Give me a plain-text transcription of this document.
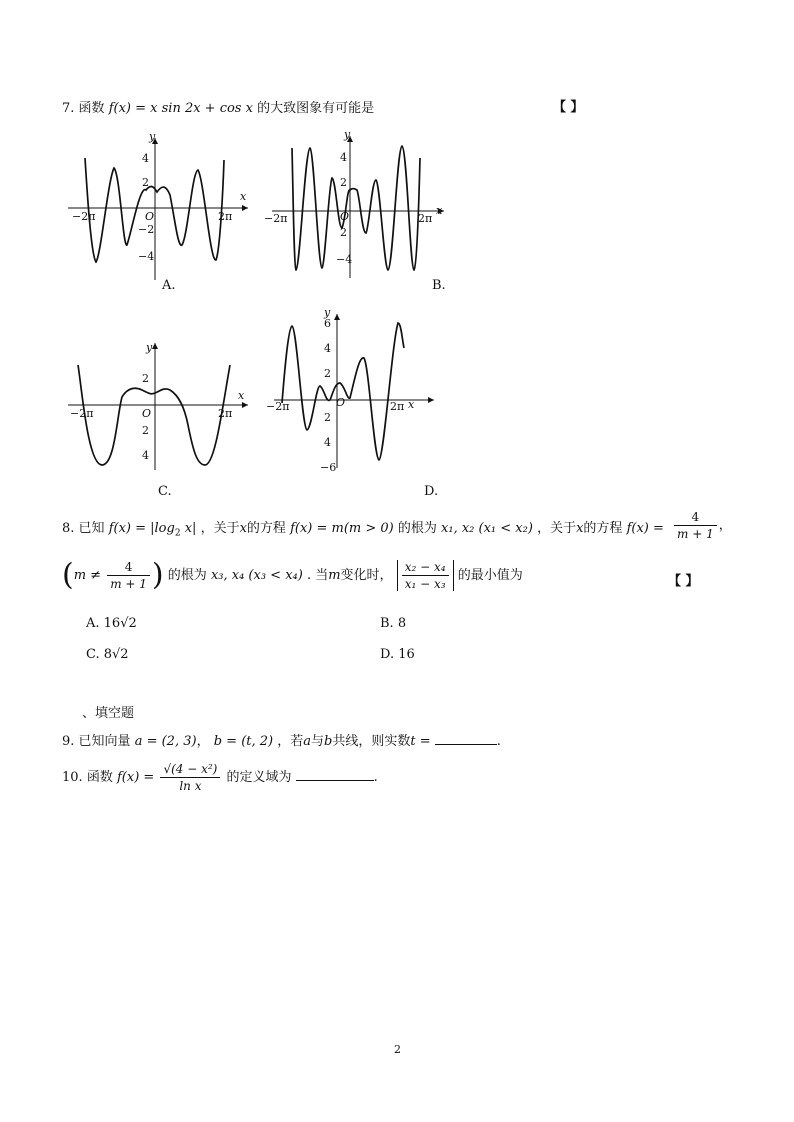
7. 函数 f(x) = x sin 2x + cos x 的大致图象有可能是	【 】
y
x
O
−2π	2π
4
2
−2
−4
A.
y
x
O
−2π	2π
4
2
2
−4
B.
y
x
O
−2π	2π
2
2
4
C.
y
x
O
−2π	2π
6
4
2
2
4
−6
D.
8. 已知 $f(x) = |\log_2$ x| ，关于x的方程 f(x) = m(m > 0) 的根为 x₁, x₂ (x₁ < x₂) ，关于x的方程 $f(x) = \frac{4}{m + 1}$ ，
($m \ne \frac{4}{m + 1}$ ) 的根为 x₃, x₄ (x₃ < x₄) . 当m变化时， $\frac{\text{x₂ − x₄}}{\text{x₁ − x₃}}$ 的最小值为	【 】
A. 16√2	B. 8
C. 8√2	D. 16
、填空题
9. 已知向量 a = (2, 3)， b = (t, 2) ，若a与b共线，则实数t =	.
10. 函数 $f(x) = \frac{\text{√(4 − x²)}}{\text{ln x}}$ 的定义域为	.
2
